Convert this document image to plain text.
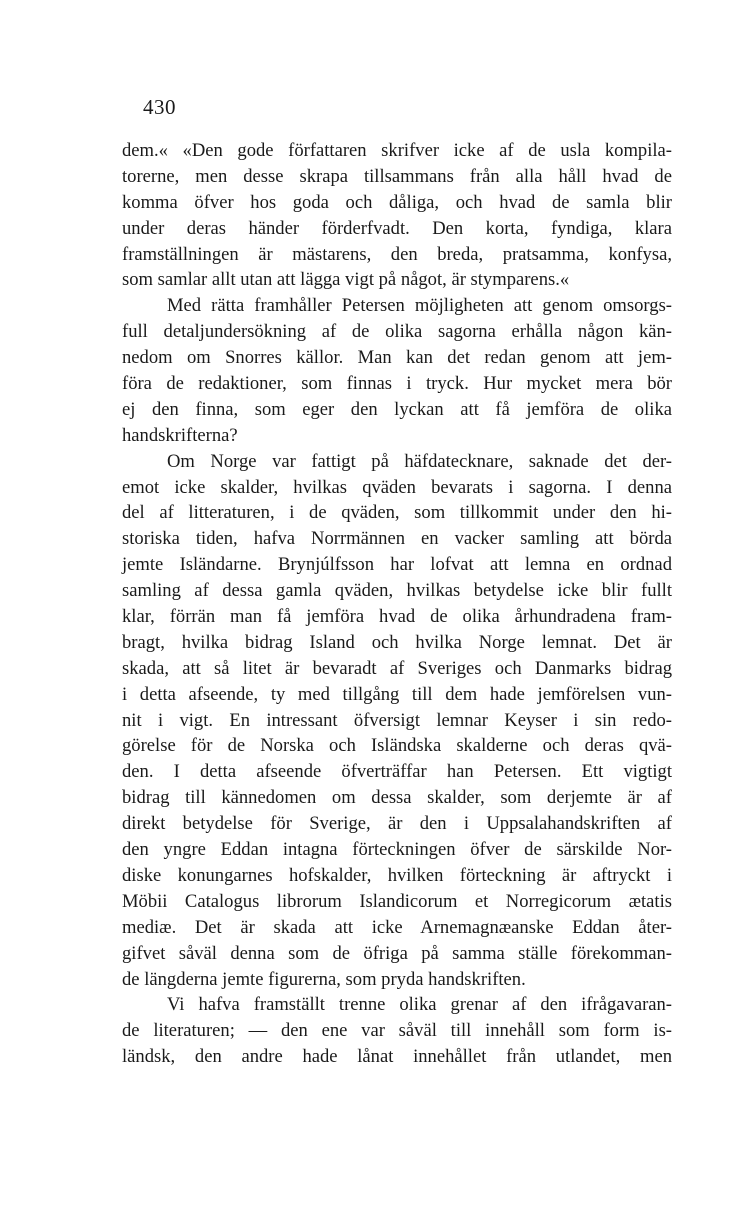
430
dem.« «Den gode författaren skrifver icke af de usla kompila-
torerne, men desse skrapa tillsammans från alla håll hvad de
komma öfver hos goda och dåliga, och hvad de samla blir
under deras händer förderfvadt. Den korta, fyndiga, klara
framställningen är mästarens, den breda, pratsamma, konfysa,
som samlar allt utan att lägga vigt på något, är stymparens.«
Med rätta framhåller Petersen möjligheten att genom omsorgs-
full detaljundersökning af de olika sagorna erhålla någon kän-
nedom om Snorres källor. Man kan det redan genom att jem-
föra de redaktioner, som finnas i tryck. Hur mycket mera bör
ej den finna, som eger den lyckan att få jemföra de olika
handskrifterna?
Om Norge var fattigt på häfdatecknare, saknade det der-
emot icke skalder, hvilkas qväden bevarats i sagorna. I denna
del af litteraturen, i de qväden, som tillkommit under den hi-
storiska tiden, hafva Norrmännen en vacker samling att börda
jemte Isländarne. Brynjúlfsson har lofvat att lemna en ordnad
samling af dessa gamla qväden, hvilkas betydelse icke blir fullt
klar, förrän man få jemföra hvad de olika århundradena fram-
bragt, hvilka bidrag Island och hvilka Norge lemnat. Det är
skada, att så litet är bevaradt af Sveriges och Danmarks bidrag
i detta afseende, ty med tillgång till dem hade jemförelsen vun-
nit i vigt. En intressant öfversigt lemnar Keyser i sin redo-
görelse för de Norska och Isländska skalderne och deras qvä-
den. I detta afseende öfverträffar han Petersen. Ett vigtigt
bidrag till kännedomen om dessa skalder, som derjemte är af
direkt betydelse för Sverige, är den i Uppsalahandskriften af
den yngre Eddan intagna förteckningen öfver de särskilde Nor-
diske konungarnes hofskalder, hvilken förteckning är aftryckt i
Möbii Catalogus librorum Islandicorum et Norregicorum ætatis
mediæ. Det är skada att icke Arnemagnæanske Eddan åter-
gifvet såväl denna som de öfriga på samma ställe förekomman-
de längderna jemte figurerna, som pryda handskriften.
Vi hafva framställt trenne olika grenar af den ifrågavaran-
de literaturen; — den ene var såväl till innehåll som form is-
ländsk, den andre hade lånat innehållet från utlandet, men
